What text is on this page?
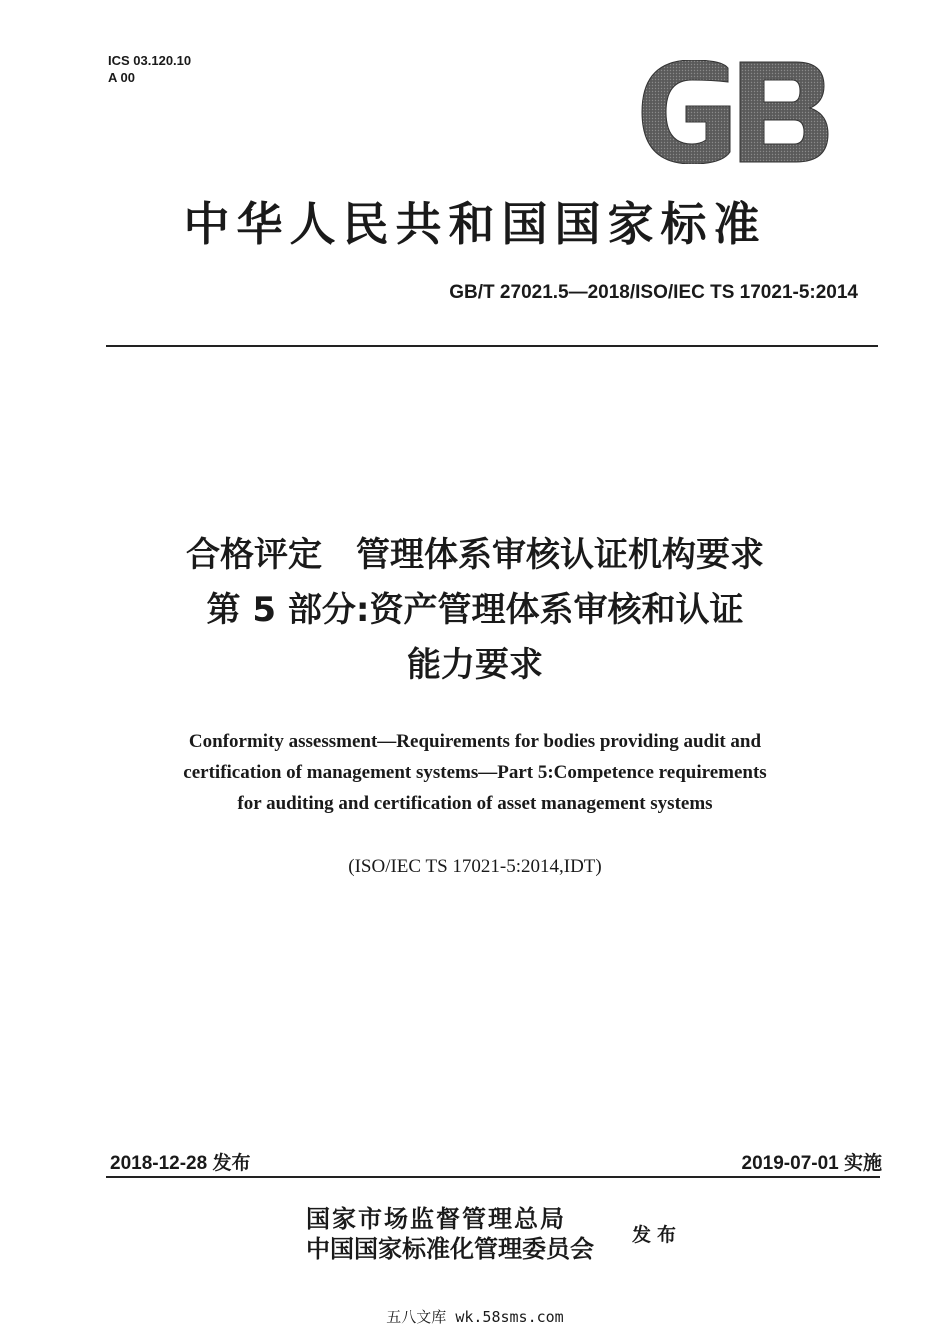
ICS 03.120.10
A 00
中华人民共和国国家标准
GB/T 27021.5—2018/ISO/IEC TS 17021-5:2014
合格评定　管理体系审核认证机构要求
第 5 部分:资产管理体系审核和认证
能力要求
Conformity assessment—Requirements for bodies providing audit and
certification of management systems—Part 5:Competence requirements
for auditing and certification of asset management systems
(ISO/IEC TS 17021-5:2014,IDT)
2018-12-28 发布	2019-07-01 实施
国家市场监督管理总局
中国国家标准化管理委员会 发布
五八文库 wk.58sms.com
